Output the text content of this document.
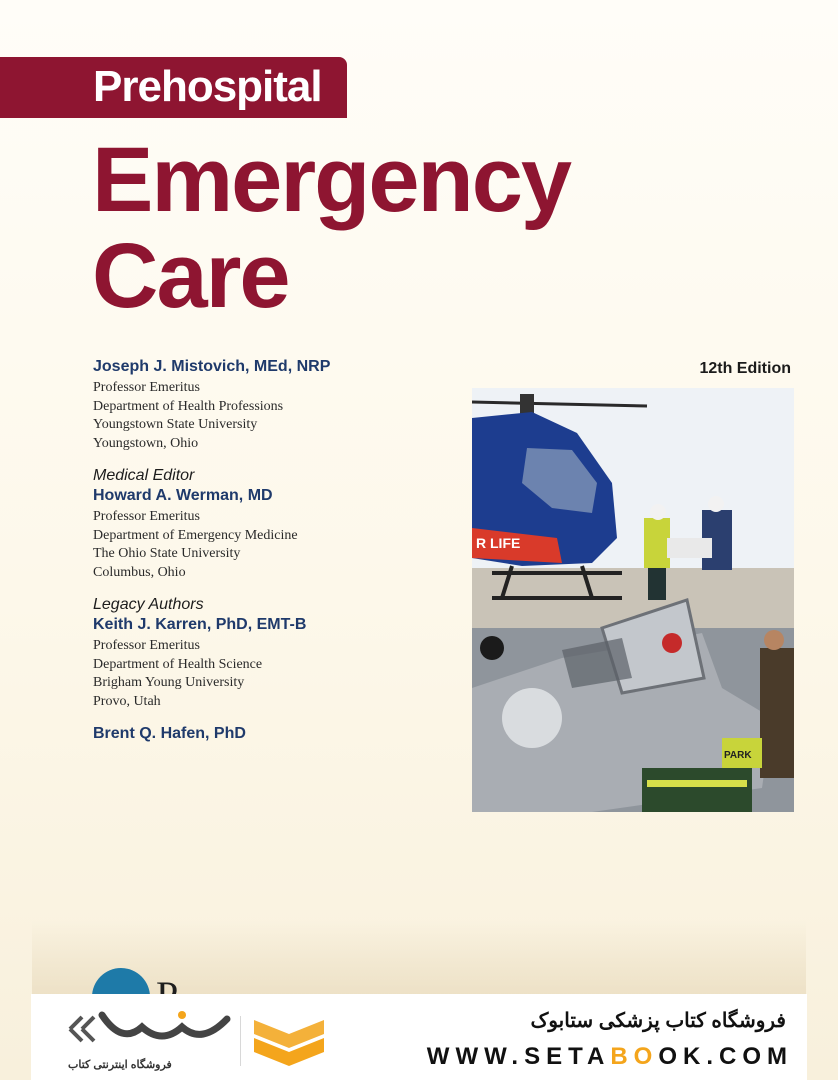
Prehospital
Emergency
Care
12th Edition
Joseph J. Mistovich, MEd, NRP
Professor Emeritus
Department of Health Professions
Youngstown State University
Youngstown, Ohio
Medical Editor
Howard A. Werman, MD
Professor Emeritus
Department of Emergency Medicine
The Ohio State University
Columbus, Ohio
Legacy Authors
Keith J. Karren, PhD, EMT-B
Professor Emeritus
Department of Health Science
Brigham Young University
Provo, Utah
Brent Q. Hafen, PhD
R LIFE
PARK
فروشگاه اینترنتی کتاب
فروشگاه کتاب پزشکی ستابوک
WWW.SETABOOK.COM
